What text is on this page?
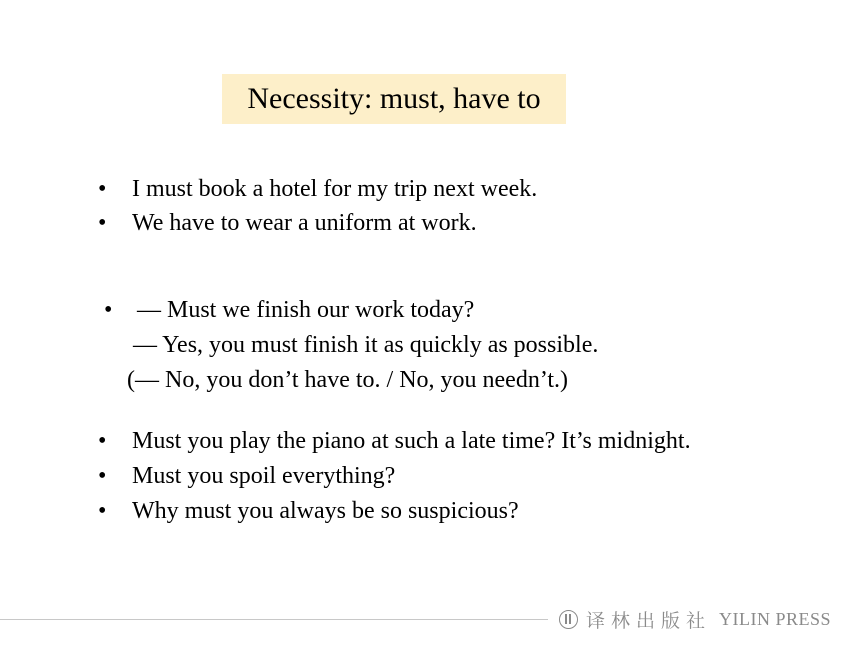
Necessity: must, have to
• I must book a hotel for my trip next week.
• We have to wear a uniform at work.
• — Must we finish our work today?
— Yes, you must finish it as quickly as possible.
(— No, you don’t have to. / No, you needn’t.)
• Must you play the piano at such a late time? It’s midnight.
• Must you spoil everything?
• Why must you always be so suspicious?
译林出版社 YILIN PRESS
